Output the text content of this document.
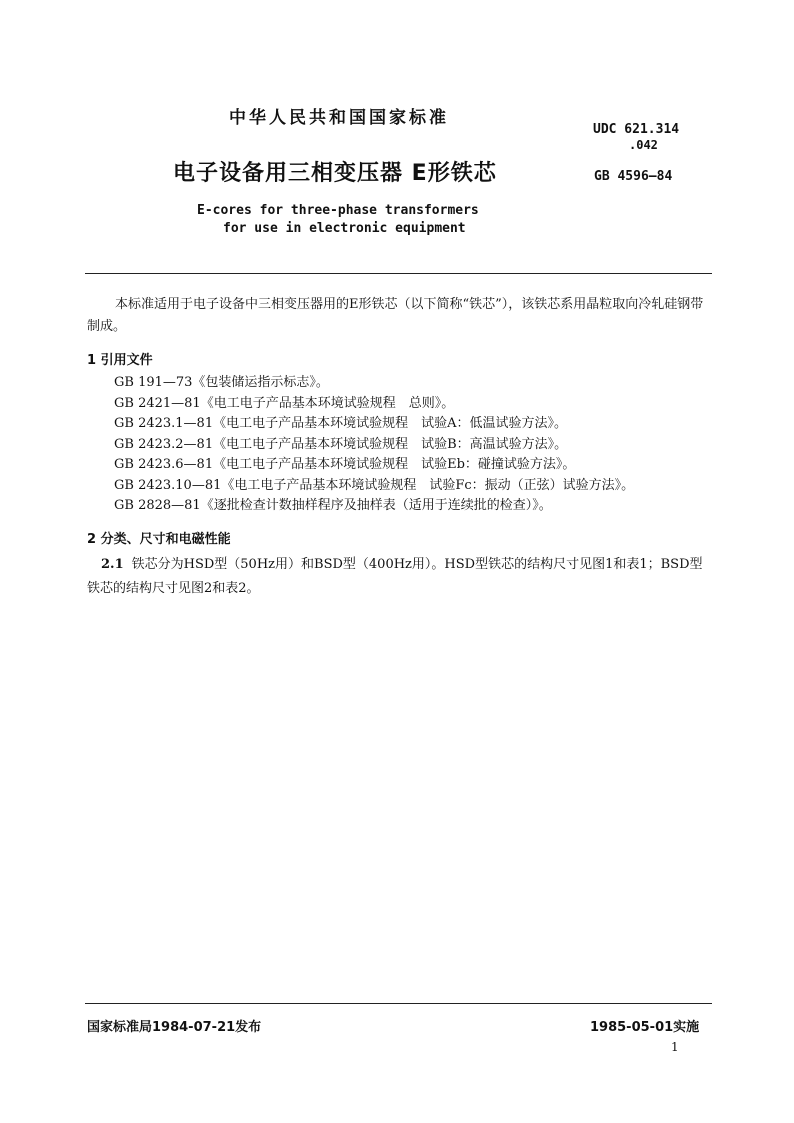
中华人民共和国国家标准
UDC 621.314
.042
电子设备用三相变压器 E形铁芯	GB 4596—84
E-cores for three-phase transformers
for use in electronic equipment
本标准适用于电子设备中三相变压器用的E形铁芯（以下简称“铁芯”），该铁芯系用晶粒取向冷轧硅钢带制成。
1 引用文件
GB 191—73《包装储运指示标志》。
GB 2421—81《电工电子产品基本环境试验规程　总则》。
GB 2423.1—81《电工电子产品基本环境试验规程　试验A：低温试验方法》。
GB 2423.2—81《电工电子产品基本环境试验规程　试验B：高温试验方法》。
GB 2423.6—81《电工电子产品基本环境试验规程　试验Eb：碰撞试验方法》。
GB 2423.10—81《电工电子产品基本环境试验规程　试验Fc：振动（正弦）试验方法》。
GB 2828—81《逐批检查计数抽样程序及抽样表（适用于连续批的检查）》。
2 分类、尺寸和电磁性能
2.1 铁芯分为HSD型（50Hz用）和BSD型（400Hz用）。HSD型铁芯的结构尺寸见图1和表1；BSD型铁芯的结构尺寸见图2和表2。
国家标准局1984-07-21发布	1985-05-01实施
1
